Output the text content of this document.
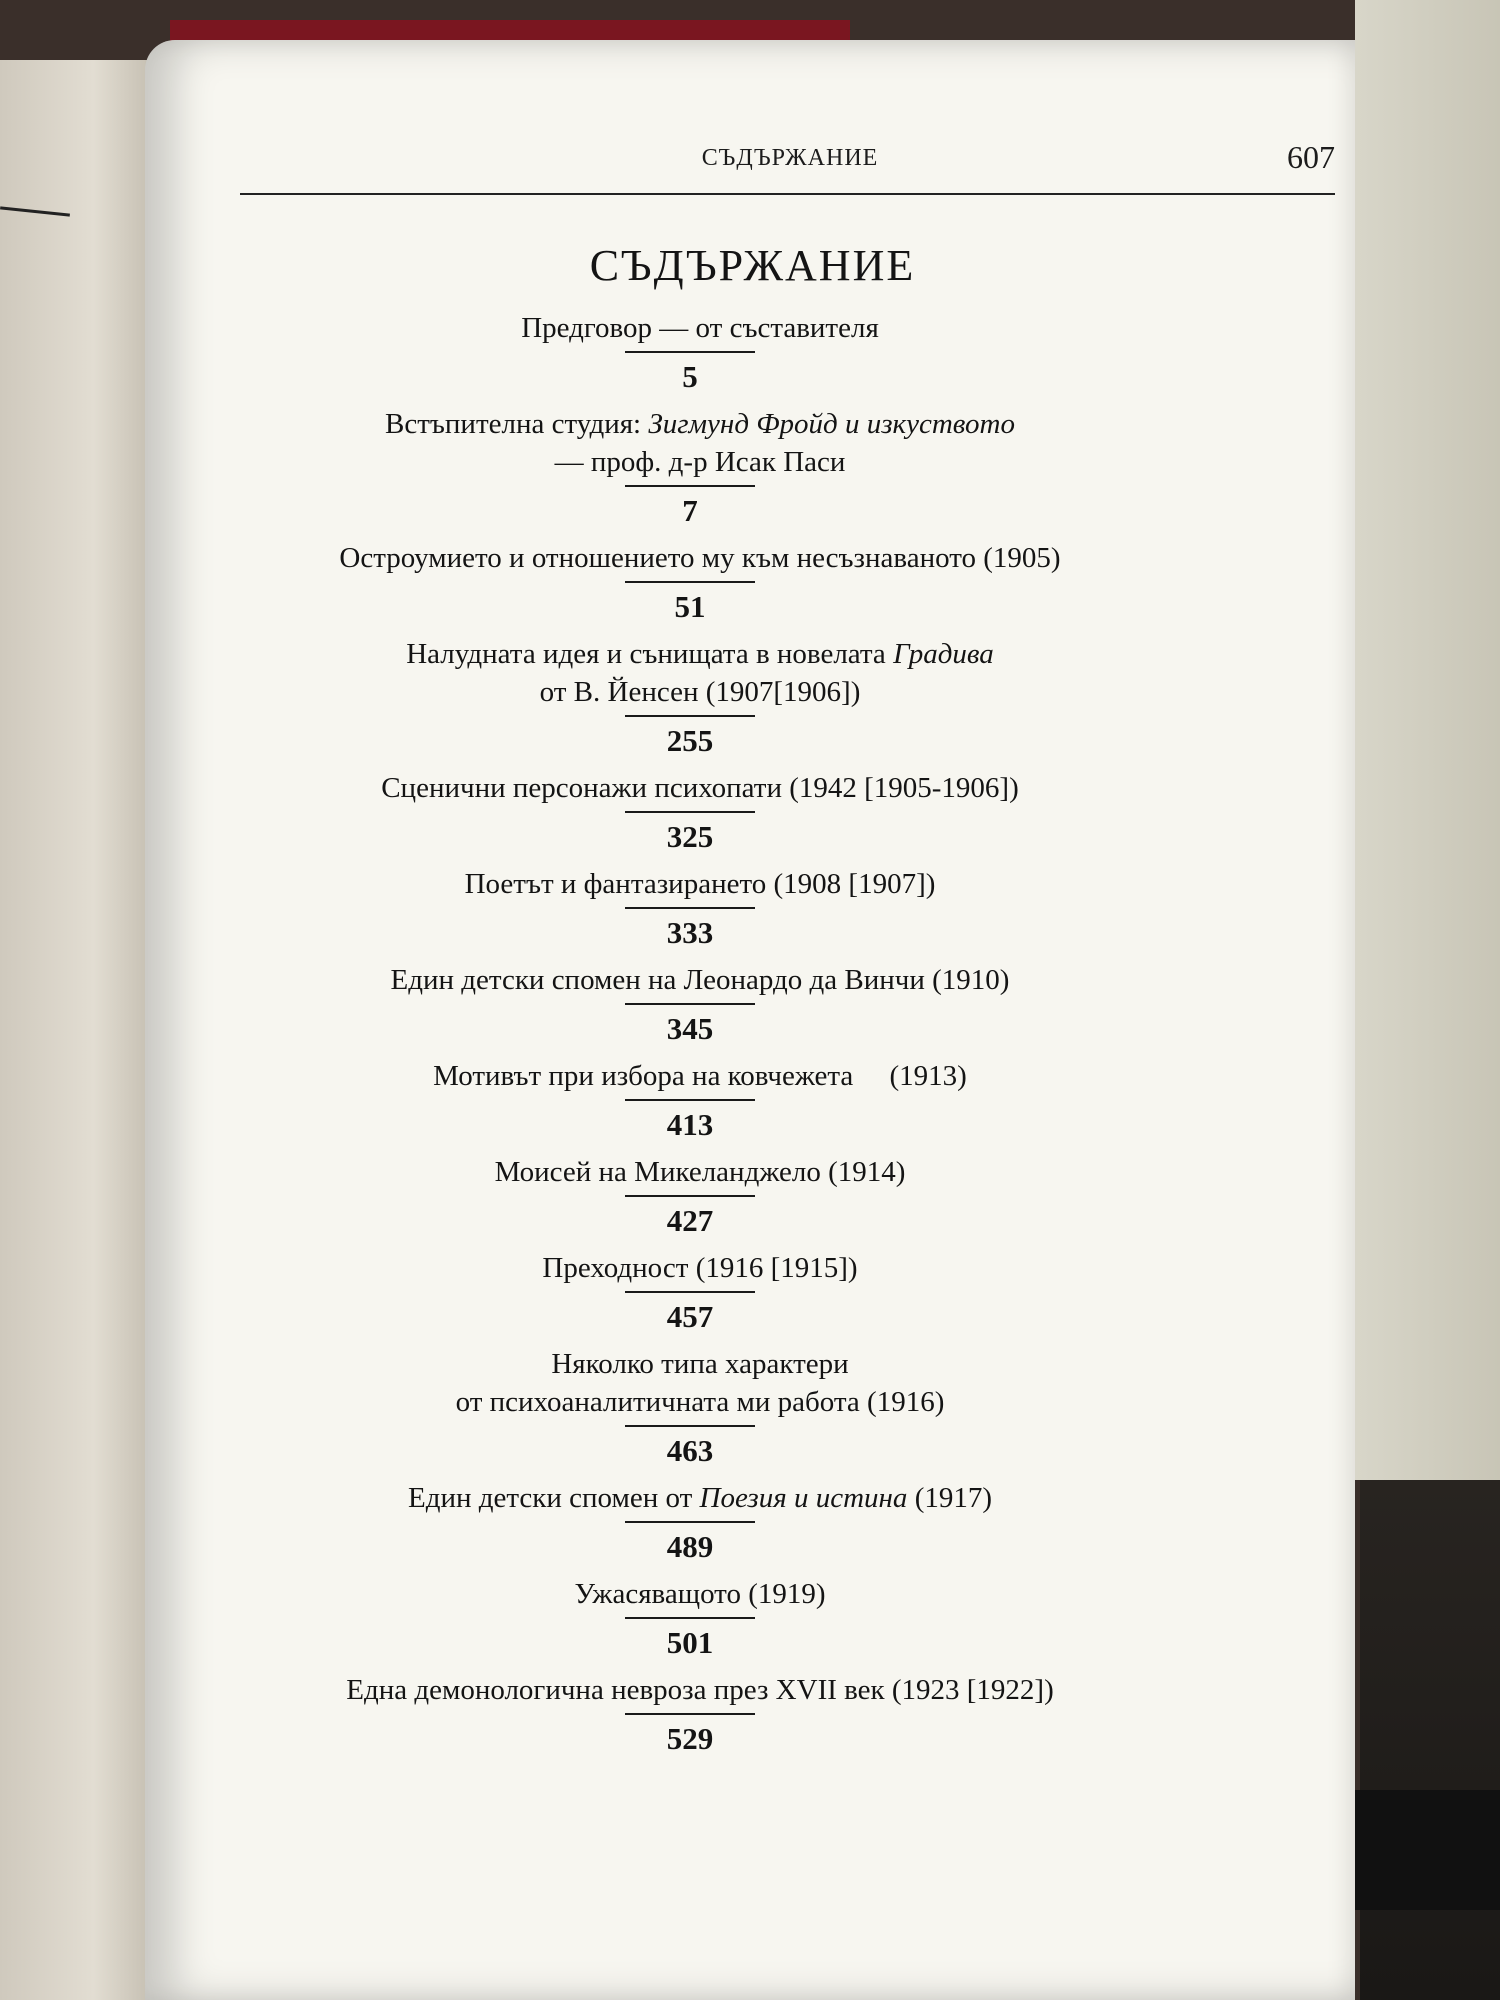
СЪДЪРЖАНИЕ	607
СЪДЪРЖАНИЕ
Предговор — от съставителя
5
Встъпителна студия: Зигмунд Фройд и изкуството
— проф. д-р Исак Паси
7
Остроумието и отношението му към несъзнаваното (1905)
51
Налудната идея и сънищата в новелата Градива
от В. Йенсен (1907[1906])
255
Сценични персонажи психопати (1942 [1905-1906])
325
Поетът и фантазирането (1908 [1907])
333
Един детски спомен на Леонардо да Винчи (1910)
345
Мотивът при избора на ковчежета     (1913)
413
Моисей на Микеланджело (1914)
427
Преходност (1916 [1915])
457
Няколко типа характери
от психоаналитичната ми работа (1916)
463
Един детски спомен от Поезия и истина (1917)
489
Ужасяващото (1919)
501
Една демонологична невроза през XVII век (1923 [1922])
529
